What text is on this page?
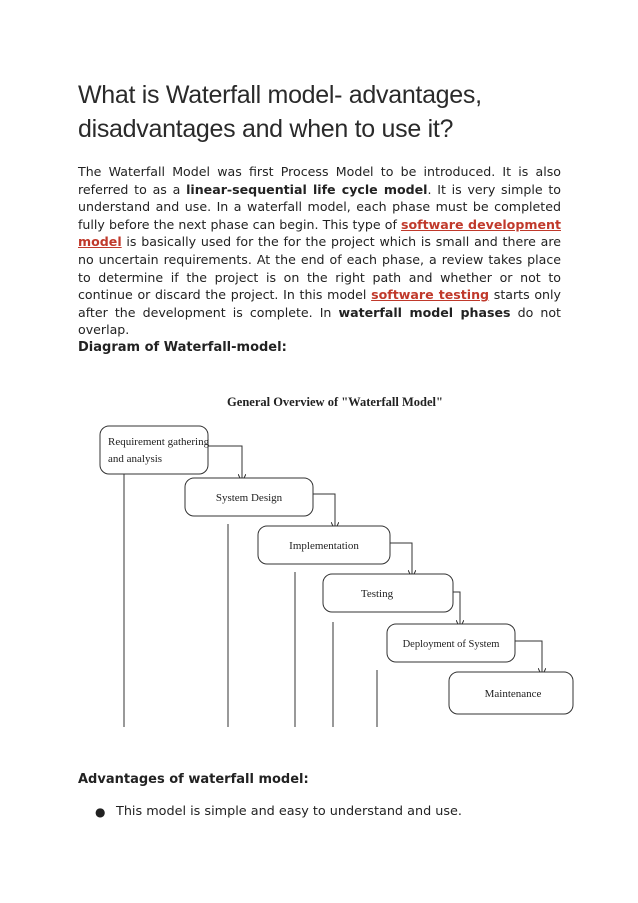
What is Waterfall model- advantages, disadvantages and when to use it?

The Waterfall Model was first Process Model to be introduced. It is also referred to as a linear-sequential life cycle model. It is very simple to understand and use. In a waterfall model, each phase must be completed fully before the next phase can begin. This type of software development model is basically used for the for the project which is small and there are no uncertain requirements. At the end of each phase, a review takes place to determine if the project is on the right path and whether or not to continue or discard the project. In this model software testing starts only after the development is complete. In waterfall model phases do not overlap.

Diagram of Waterfall-model:
General Overview of "Waterfall Model"
Requirement gathering
and analysis
System Design
Implementation
Testing
Deployment of System
Maintenance
Advantages of waterfall model:
● This model is simple and easy to understand and use.
